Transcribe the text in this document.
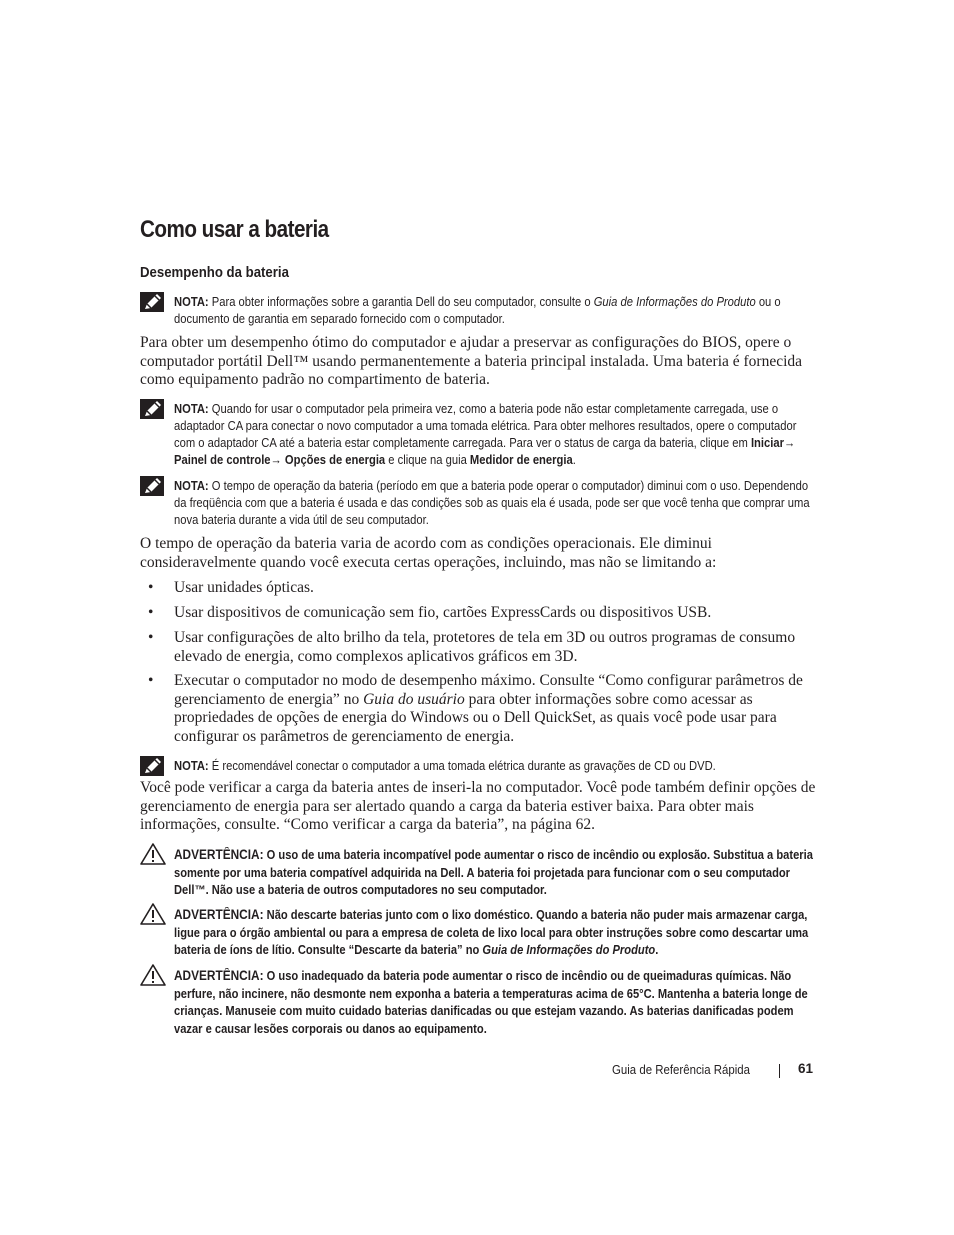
Como usar a bateria
Desempenho da bateria
NOTA: Para obter informações sobre a garantia Dell do seu computador, consulte o Guia de Informações do Produto ou o documento de garantia em separado fornecido com o computador.

Para obter um desempenho ótimo do computador e ajudar a preservar as configurações do BIOS, opere o computador portátil Dell™ usando permanentemente a bateria principal instalada. Uma bateria é fornecida como equipamento padrão no compartimento de bateria.

NOTA: Quando for usar o computador pela primeira vez, como a bateria pode não estar completamente carregada, use o adaptador CA para conectar o novo computador a uma tomada elétrica. Para obter melhores resultados, opere o computador com o adaptador CA até a bateria estar completamente carregada. Para ver o status de carga da bateria, clique em Iniciar→ Painel de controle→ Opções de energia e clique na guia Medidor de energia.
NOTA: O tempo de operação da bateria (período em que a bateria pode operar o computador) diminui com o uso. Dependendo da freqüência com que a bateria é usada e das condições sob as quais ela é usada, pode ser que você tenha que comprar uma nova bateria durante a vida útil de seu computador.

O tempo de operação da bateria varia de acordo com as condições operacionais. Ele diminui consideravelmente quando você executa certas operações, incluindo, mas não se limitando a:

• Usar unidades ópticas.
• Usar dispositivos de comunicação sem fio, cartões ExpressCards ou dispositivos USB.
• Usar configurações de alto brilho da tela, protetores de tela em 3D ou outros programas de consumo elevado de energia, como complexos aplicativos gráficos em 3D.
• Executar o computador no modo de desempenho máximo. Consulte “Como configurar parâmetros de gerenciamento de energia” no Guia do usuário para obter informações sobre como acessar as propriedades de opções de energia do Windows ou o Dell QuickSet, as quais você pode usar para configurar os parâmetros de gerenciamento de energia.
NOTA: É recomendável conectar o computador a uma tomada elétrica durante as gravações de CD ou DVD.

Você pode verificar a carga da bateria antes de inseri-la no computador. Você pode também definir opções de gerenciamento de energia para ser alertado quando a carga da bateria estiver baixa. Para obter mais informações, consulte. “Como verificar a carga da bateria”, na página 62.

ADVERTÊNCIA: O uso de uma bateria incompatível pode aumentar o risco de incêndio ou explosão. Substitua a bateria somente por uma bateria compatível adquirida na Dell. A bateria foi projetada para funcionar com o seu computador Dell™. Não use a bateria de outros computadores no seu computador.
ADVERTÊNCIA: Não descarte baterias junto com o lixo doméstico. Quando a bateria não puder mais armazenar carga, ligue para o órgão ambiental ou para a empresa de coleta de lixo local para obter instruções sobre como descartar uma bateria de íons de lítio. Consulte “Descarte da bateria” no Guia de Informações do Produto.
ADVERTÊNCIA: O uso inadequado da bateria pode aumentar o risco de incêndio ou de queimaduras químicas. Não perfure, não incinere, não desmonte nem exponha a bateria a temperaturas acima de 65°C. Mantenha a bateria longe de crianças. Manuseie com muito cuidado baterias danificadas ou que estejam vazando. As baterias danificadas podem vazar e causar lesões corporais ou danos ao equipamento.
Guia de Referência Rápida	61
